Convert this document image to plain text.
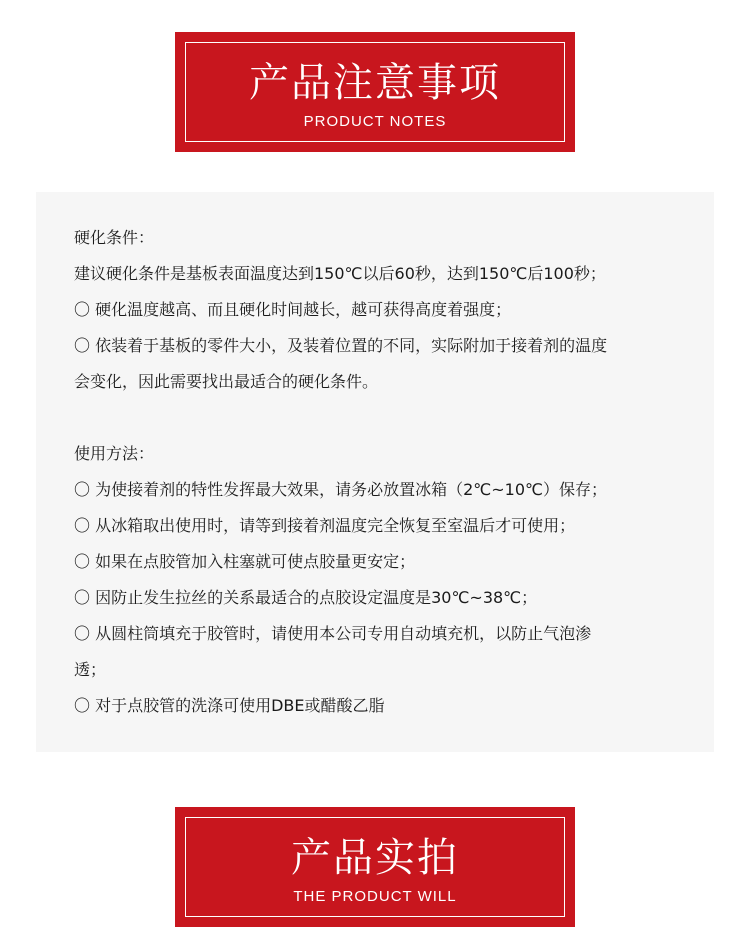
产品注意事项
PRODUCT NOTES
硬化条件：
建议硬化条件是基板表面温度达到150℃以后60秒，达到150℃后100秒；
〇 硬化温度越高、而且硬化时间越长，越可获得高度着强度；
〇 依装着于基板的零件大小，及装着位置的不同，实际附加于接着剂的温度
会变化，因此需要找出最适合的硬化条件。
使用方法：
〇 为使接着剂的特性发挥最大效果，请务必放置冰箱（2℃~10℃）保存；
〇 从冰箱取出使用时，请等到接着剂温度完全恢复至室温后才可使用；
〇 如果在点胶管加入柱塞就可使点胶量更安定；
〇 因防止发生拉丝的关系最适合的点胶设定温度是30℃~38℃；
〇 从圆柱筒填充于胶管时，请使用本公司专用自动填充机，以防止气泡渗
透；
〇 对于点胶管的洗涤可使用DBE或醋酸乙脂
产品实拍
THE PRODUCT WILL
